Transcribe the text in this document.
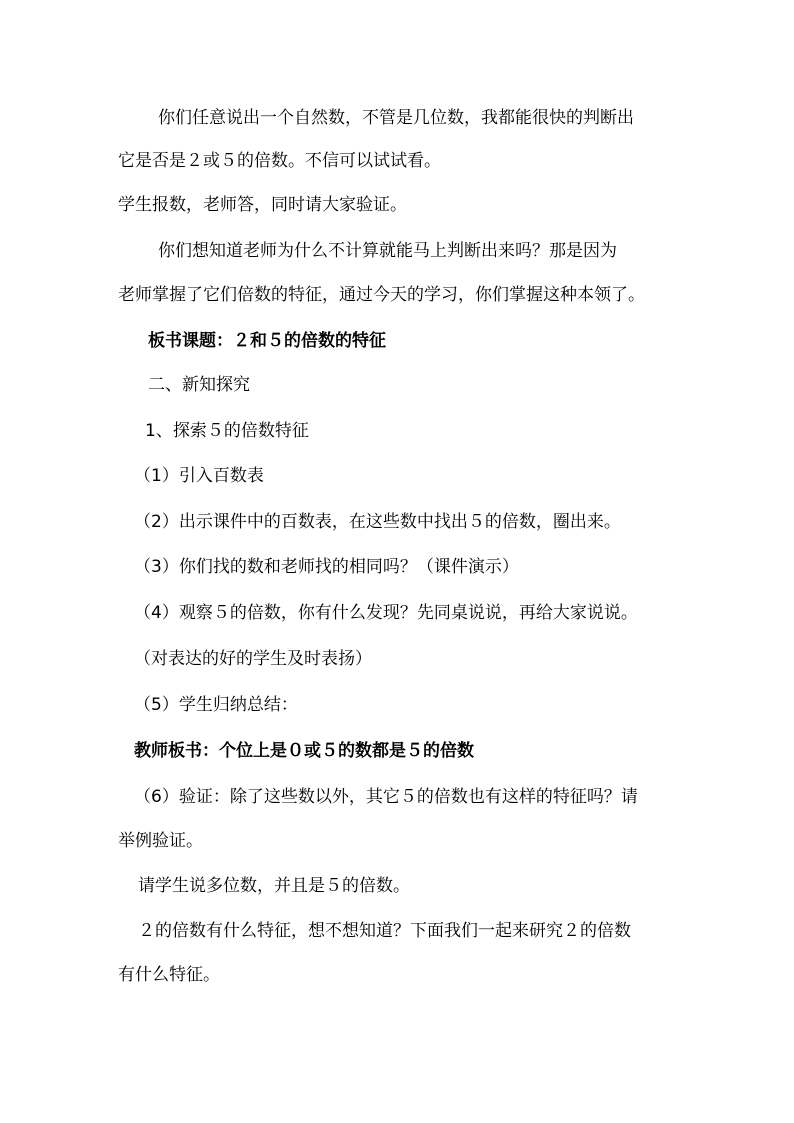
你们任意说出一个自然数，不管是几位数，我都能很快的判断出
它是否是２或５的倍数。不信可以试试看。
学生报数，老师答，同时请大家验证。
你们想知道老师为什么不计算就能马上判断出来吗？那是因为
老师掌握了它们倍数的特征，通过今天的学习，你们掌握这种本领了。
板书课题：２和５的倍数的特征
二、新知探究
1、探索５的倍数特征
（1）引入百数表
（2）出示课件中的百数表，在这些数中找出５的倍数，圈出来。
（3）你们找的数和老师找的相同吗？（课件演示）
（4）观察５的倍数，你有什么发现？先同桌说说，再给大家说说。
（对表达的好的学生及时表扬）
（5）学生归纳总结：
教师板书：个位上是０或５的数都是５的倍数
（6）验证：除了这些数以外，其它５的倍数也有这样的特征吗？请
举例验证。
请学生说多位数，并且是５的倍数。
２的倍数有什么特征，想不想知道？下面我们一起来研究２的倍数
有什么特征。
